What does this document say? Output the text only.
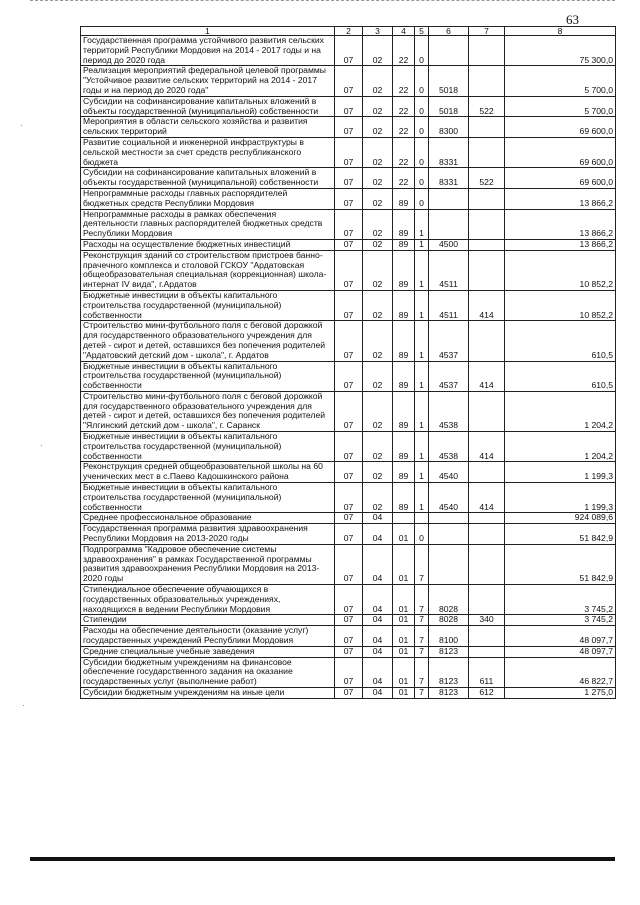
63
1	2	3	4	5	6	7	8
Государственная программа устойчивого развития сельских территорий Республики Мордовия на 2014 - 2017 годы и на период до 2020 года	07	02	22	0			75 300,0
Реализация мероприятий федеральной целевой программы "Устойчивое развитие сельских территорий на 2014 - 2017 годы и на период до 2020 года"	07	02	22	0	5018		5 700,0
Субсидии на софинансирование капитальных вложений в объекты государственной (муниципальной) собственности	07	02	22	0	5018	522	5 700,0
Мероприятия в области сельского хозяйства и развития сельских территорий	07	02	22	0	8300		69 600,0
Развитие социальной и инженерной инфраструктуры в сельской местности за счет средств республиканского бюджета	07	02	22	0	8331		69 600,0
Субсидии на софинансирование капитальных вложений в объекты государственной (муниципальной) собственности	07	02	22	0	8331	522	69 600,0
Непрограммные расходы главных распорядителей бюджетных средств Республики Мордовия	07	02	89	0			13 866,2
Непрограммные расходы в рамках обеспечения деятельности главных распорядителей бюджетных средств Республики Мордовия	07	02	89	1			13 866,2
Расходы на осуществление бюджетных инвестиций	07	02	89	1	4500		13 866,2
Реконструкция зданий со строительством пристроев банно-прачечного комплекса и столовой ГСКОУ "Ардатовская общеобразовательная специальная (коррекционная) школа-интернат IV вида", г.Ардатов	07	02	89	1	4511		10 852,2
Бюджетные инвестиции в объекты капитального строительства государственной (муниципальной) собственности	07	02	89	1	4511	414	10 852,2
Строительство мини-футбольного поля с беговой дорожкой для государственного образовательного учреждения для детей - сирот и детей, оставшихся без попечения родителей "Ардатовский детский дом - школа", г. Ардатов	07	02	89	1	4537		610,5
Бюджетные инвестиции в объекты капитального строительства государственной (муниципальной) собственности	07	02	89	1	4537	414	610,5
Строительство мини-футбольного поля с беговой дорожкой для государственного образовательного учреждения для детей - сирот и детей, оставшихся без попечения родителей "Ялгинский детский дом - школа", г. Саранск	07	02	89	1	4538		1 204,2
Бюджетные инвестиции в объекты капитального строительства государственной (муниципальной) собственности	07	02	89	1	4538	414	1 204,2
Реконструкция средней общеобразовательной школы на 60 ученических мест в с.Паево Кадошкинского района	07	02	89	1	4540		1 199,3
Бюджетные инвестиции в объекты капитального строительства государственной (муниципальной) собственности	07	02	89	1	4540	414	1 199,3
Среднее профессиональное образование	07	04					924 089,6
Государственная программа развития здравоохранения Республики Мордовия на 2013-2020 годы	07	04	01	0			51 842,9
Подпрограмма "Кадровое обеспечение системы здравоохранения" в рамках Государственной программы развития здравоохранения Республики Мордовия на 2013-2020 годы	07	04	01	7			51 842,9
Стипендиальное обеспечение обучающихся в государственных образовательных учреждениях, находящихся в ведении Республики Мордовия	07	04	01	7	8028		3 745,2
Стипендии	07	04	01	7	8028	340	3 745,2
Расходы на обеспечение деятельности (оказание услуг) государственных учреждений Республики Мордовия	07	04	01	7	8100		48 097,7
Средние специальные учебные заведения	07	04	01	7	8123		48 097,7
Субсидии бюджетным учреждениям на финансовое обеспечение государственного задания на оказание государственных услуг (выполнение работ)	07	04	01	7	8123	611	46 822,7
Субсидии бюджетным учреждениям на иные цели	07	04	01	7	8123	612	1 275,0
·
·
·
